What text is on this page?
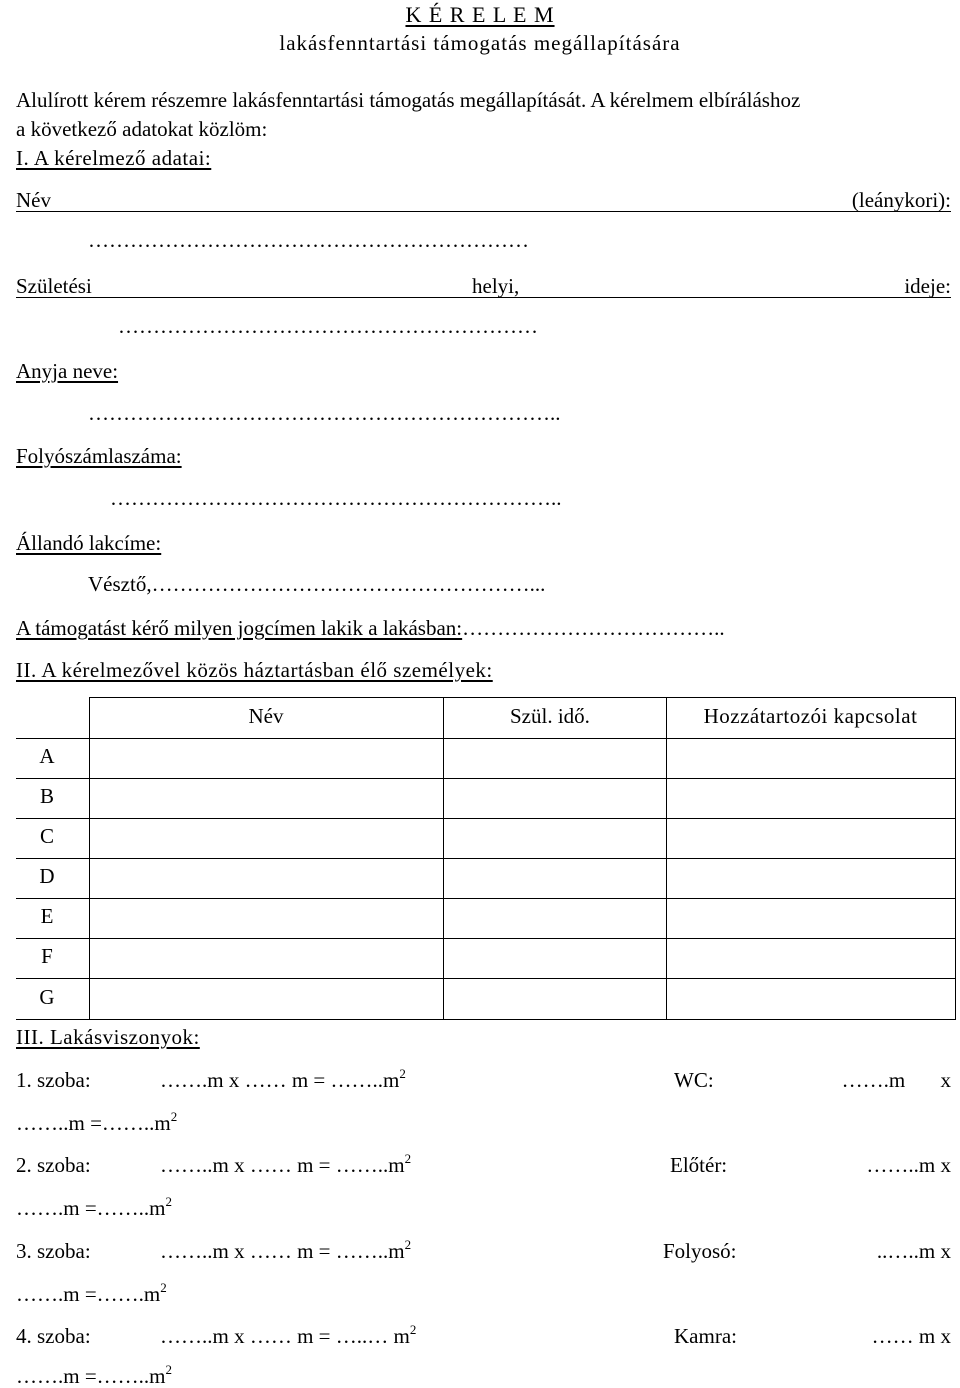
K É R E L E M
lakásfenntartási támogatás megállapítására
Alulírott kérem részemre lakásfenntartási támogatás megállapítását. A kérelmem elbíráláshoz
a következő adatokat közlöm:
I. A kérelmező adatai:
Név	(leánykori):
………………………………………………………
Születési	helyi,	ideje:
……………………………………………………
Anyja neve:
…………………………………………………………..
Folyószámlaszáma:
………………………………………………………..
Állandó lakcíme:
Vésztő,………………………………………………...
A támogatást kérő milyen jogcímen lakik a lakásban:………………………………..
II. A kérelmezővel közös háztartásban élő személyek:
Név	Szül. idő.	Hozzátartozói kapcsolat
A
B
C
D
E
F
G
III. Lakásviszonyok:
1. szoba:	…….m x …… $m = \dots\dots..m^2$	WC:	…….m x
……..m $=\dots\dots..m^2$
2. szoba:	……..m x …… $m = \dots\dots..m^2$	Előtér:	……..m x
…….m $=\dots\dots..m^2$
3. szoba:	……..m x …… $m = \dots\dots..m^2$	Folyosó:	..…..m x
…….m $=\dots\dots.m^2$
4. szoba:	……..m x …… m = …..… $m^2$	Kamra:	…… m x
…….m $=\dots\dots..m^2$
